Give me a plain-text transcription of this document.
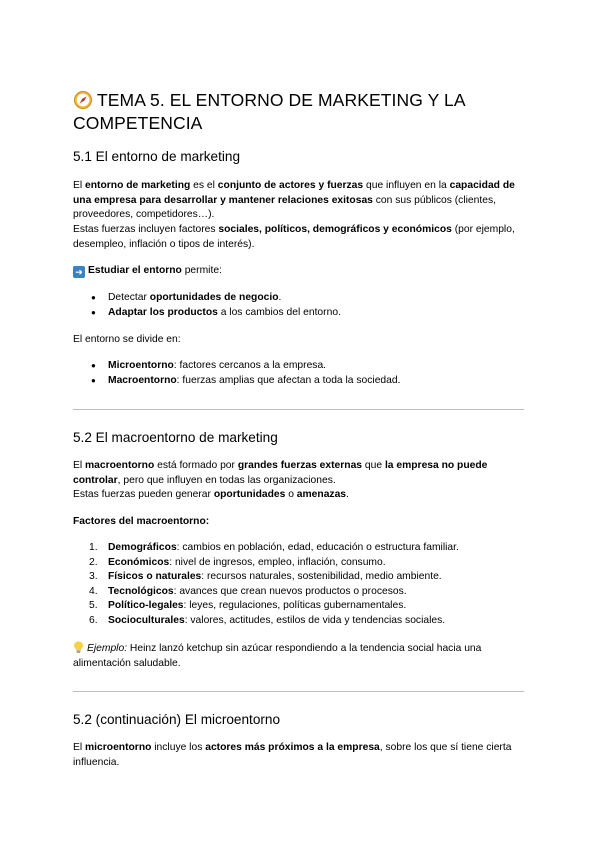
TEMA 5. EL ENTORNO DE MARKETING Y LA COMPETENCIA
5.1 El entorno de marketing

El entorno de marketing es el conjunto de actores y fuerzas que influyen en la capacidad de una empresa para desarrollar y mantener relaciones exitosas con sus públicos (clientes, proveedores, competidores…).

Estas fuerzas incluyen factores sociales, políticos, demográficos y económicos (por ejemplo, desempleo, inflación o tipos de interés).

➜ Estudiar el entorno permite:

● Detectar oportunidades de negocio.
● Adaptar los productos a los cambios del entorno.

El entorno se divide en:

● Microentorno: factores cercanos a la empresa.
● Macroentorno: fuerzas amplias que afectan a toda la sociedad.
5.2 El macroentorno de marketing

El macroentorno está formado por grandes fuerzas externas que la empresa no puede controlar, pero que influyen en todas las organizaciones.

Estas fuerzas pueden generar oportunidades o amenazas.

Factores del macroentorno:

1. Demográficos: cambios en población, edad, educación o estructura familiar.
2. Económicos: nivel de ingresos, empleo, inflación, consumo.
3. Físicos o naturales: recursos naturales, sostenibilidad, medio ambiente.
4. Tecnológicos: avances que crean nuevos productos o procesos.
5. Político-legales: leyes, regulaciones, políticas gubernamentales.
6. Socioculturales: valores, actitudes, estilos de vida y tendencias sociales.

Ejemplo: Heinz lanzó ketchup sin azúcar respondiendo a la tendencia social hacia una alimentación saludable.

5.2 (continuación) El microentorno

El microentorno incluye los actores más próximos a la empresa, sobre los que sí tiene cierta influencia.
